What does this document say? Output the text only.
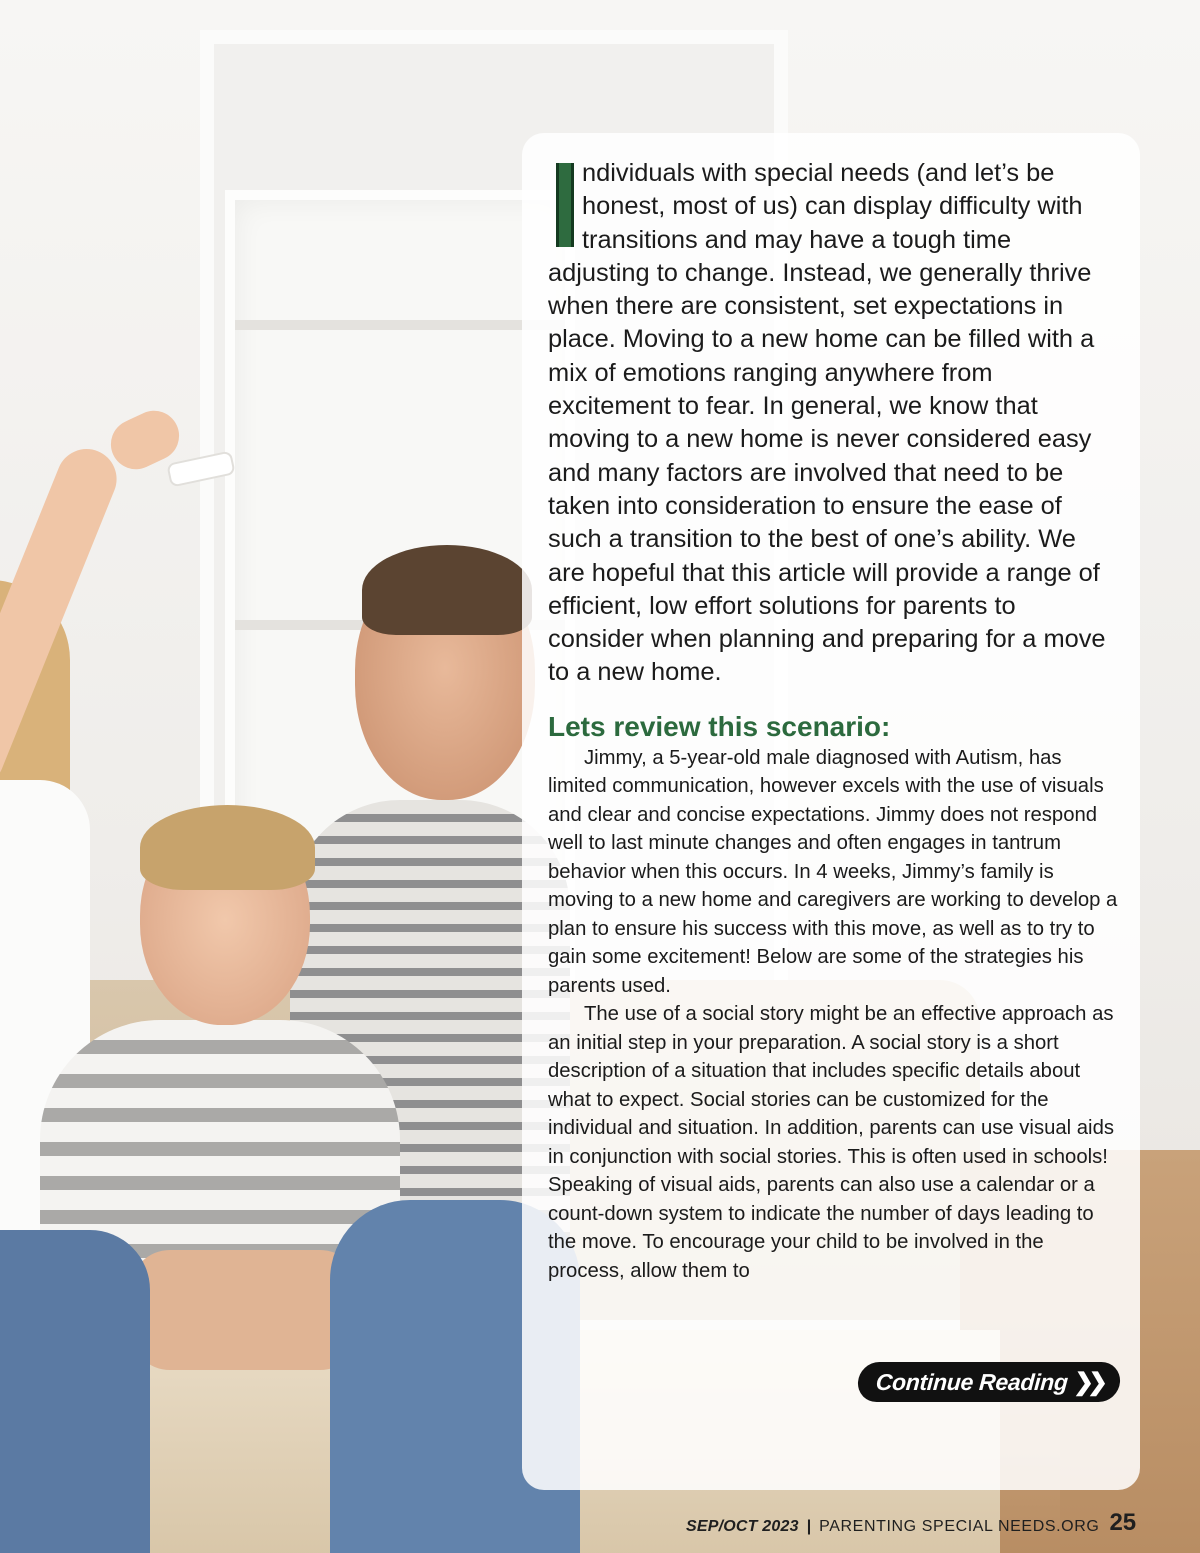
ndividuals with special needs (and let’s be honest, most of us) can display difficulty with transitions and may have a tough time adjusting to change. Instead, we generally thrive when there are consistent, set expectations in place. Moving to a new home can be filled with a mix of emotions ranging anywhere from excitement to fear. In general, we know that moving to a new home is never considered easy and many factors are involved that need to be taken into consideration to ensure the ease of such a transition to the best of one’s ability. We are hopeful that this article will provide a range of efficient, low effort solutions for parents to consider when planning and preparing for a move to a new home.

Lets review this scenario:

Jimmy, a 5-year-old male diagnosed with Autism, has limited communication, however excels with the use of visuals and clear and concise expectations. Jimmy does not respond well to last minute changes and often engages in tantrum behavior when this occurs. In 4 weeks, Jimmy’s family is moving to a new home and caregivers are working to develop a plan to ensure his success with this move, as well as to try to gain some excitement! Below are some of the strategies his parents used.

The use of a social story might be an effective approach as an initial step in your preparation. A social story is a short description of a situation that includes specific details about what to expect. Social stories can be customized for the individual and situation. In addition, parents can use visual aids in conjunction with social stories. This is often used in schools! Speaking of visual aids, parents can also use a calendar or a count-down system to indicate the number of days leading to the move. To encourage your child to be involved in the process, allow them to

Continue Reading ❯❯
SEP/OCT 2023 | PARENTING SPECIAL NEEDS.ORG 25
